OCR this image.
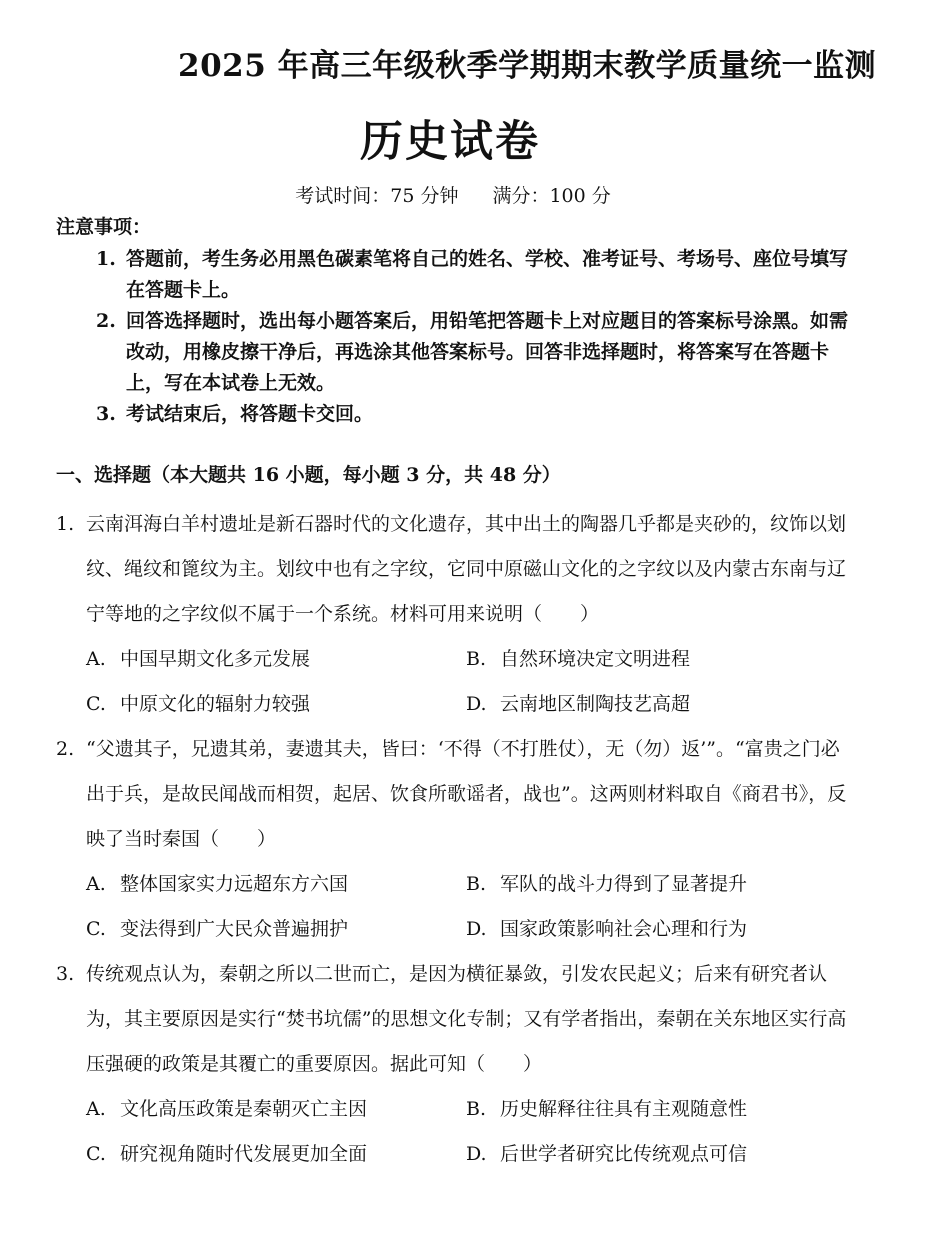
2025 年高三年级秋季学期期末教学质量统一监测
历史试卷
考试时间：75 分钟 满分：100 分
注意事项：
1. 答题前，考生务必用黑色碳素笔将自己的姓名、学校、准考证号、考场号、座位号填写在答题卡上。
2. 回答选择题时，选出每小题答案后，用铅笔把答题卡上对应题目的答案标号涂黑。如需改动，用橡皮擦干净后，再选涂其他答案标号。回答非选择题时，将答案写在答题卡上，写在本试卷上无效。
3. 考试结束后，将答题卡交回。
一、选择题（本大题共 16 小题，每小题 3 分，共 48 分）
1. 云南洱海白羊村遗址是新石器时代的文化遗存，其中出土的陶器几乎都是夹砂的，纹饰以划纹、绳纹和篦纹为主。划纹中也有之字纹，它同中原磁山文化的之字纹以及内蒙古东南与辽宁等地的之字纹似不属于一个系统。材料可用来说明（　　）
A. 中国早期文化多元发展	B. 自然环境决定文明进程
C. 中原文化的辐射力较强	D. 云南地区制陶技艺高超
2. “父遗其子，兄遗其弟，妻遗其夫，皆曰：‘不得（不打胜仗），无（勿）返’”。“富贵之门必出于兵，是故民闻战而相贺，起居、饮食所歌谣者，战也”。这两则材料取自《商君书》，反映了当时秦国（　　）
A. 整体国家实力远超东方六国	B. 军队的战斗力得到了显著提升
C. 变法得到广大民众普遍拥护	D. 国家政策影响社会心理和行为
3. 传统观点认为，秦朝之所以二世而亡，是因为横征暴敛，引发农民起义；后来有研究者认为，其主要原因是实行“焚书坑儒”的思想文化专制；又有学者指出，秦朝在关东地区实行高压强硬的政策是其覆亡的重要原因。据此可知（　　）
A. 文化高压政策是秦朝灭亡主因	B. 历史解释往往具有主观随意性
C. 研究视角随时代发展更加全面	D. 后世学者研究比传统观点可信
